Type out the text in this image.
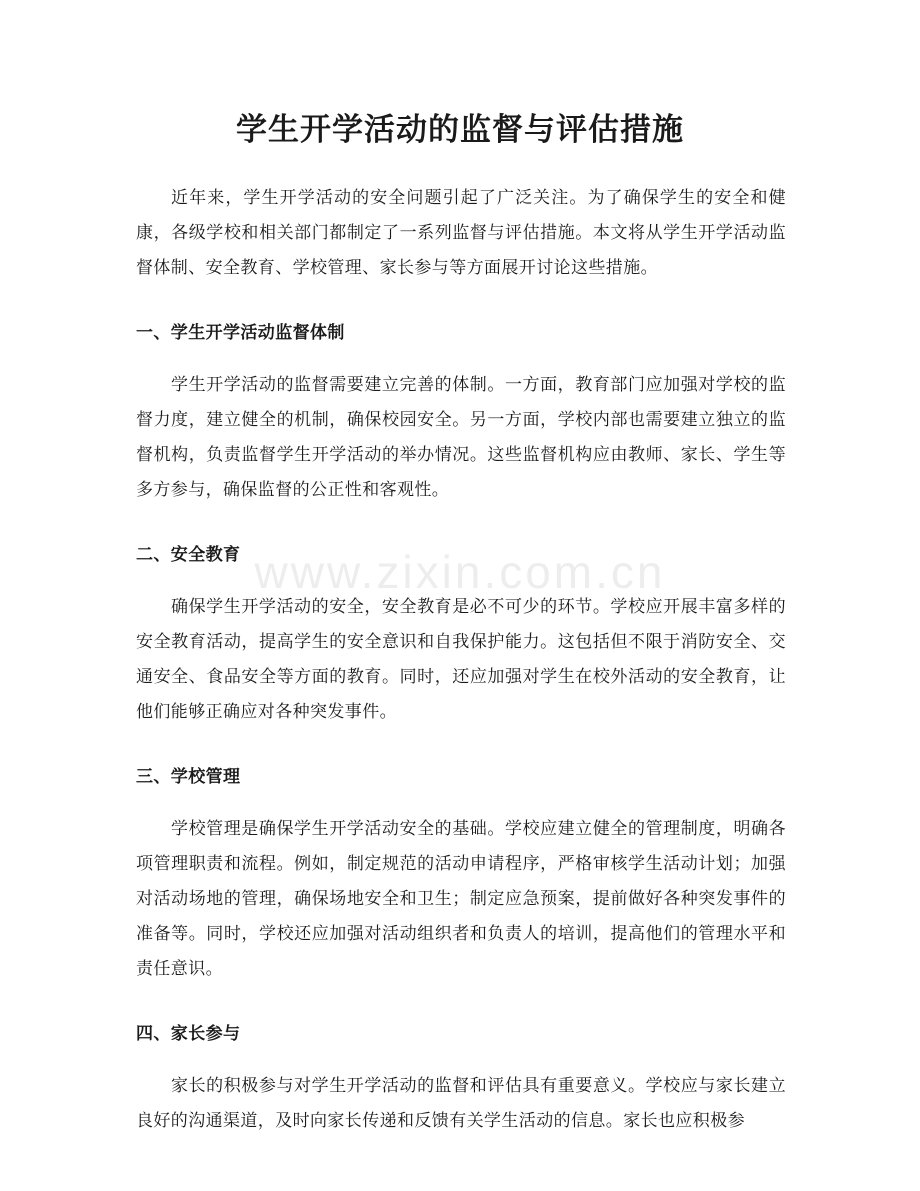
学生开学活动的监督与评估措施
www.zixin.com.cn

近年来，学生开学活动的安全问题引起了广泛关注。为了确保学生的安全和健康，各级学校和相关部门都制定了一系列监督与评估措施。本文将从学生开学活动监督体制、安全教育、学校管理、家长参与等方面展开讨论这些措施。

一、学生开学活动监督体制

学生开学活动的监督需要建立完善的体制。一方面，教育部门应加强对学校的监督力度，建立健全的机制，确保校园安全。另一方面，学校内部也需要建立独立的监督机构，负责监督学生开学活动的举办情况。这些监督机构应由教师、家长、学生等多方参与，确保监督的公正性和客观性。

二、安全教育

确保学生开学活动的安全，安全教育是必不可少的环节。学校应开展丰富多样的安全教育活动，提高学生的安全意识和自我保护能力。这包括但不限于消防安全、交通安全、食品安全等方面的教育。同时，还应加强对学生在校外活动的安全教育，让他们能够正确应对各种突发事件。

三、学校管理

学校管理是确保学生开学活动安全的基础。学校应建立健全的管理制度，明确各项管理职责和流程。例如，制定规范的活动申请程序，严格审核学生活动计划；加强对活动场地的管理，确保场地安全和卫生；制定应急预案，提前做好各种突发事件的准备等。同时，学校还应加强对活动组织者和负责人的培训，提高他们的管理水平和责任意识。

四、家长参与

家长的积极参与对学生开学活动的监督和评估具有重要意义。学校应与家长建立良好的沟通渠道，及时向家长传递和反馈有关学生活动的信息。家长也应积极参
